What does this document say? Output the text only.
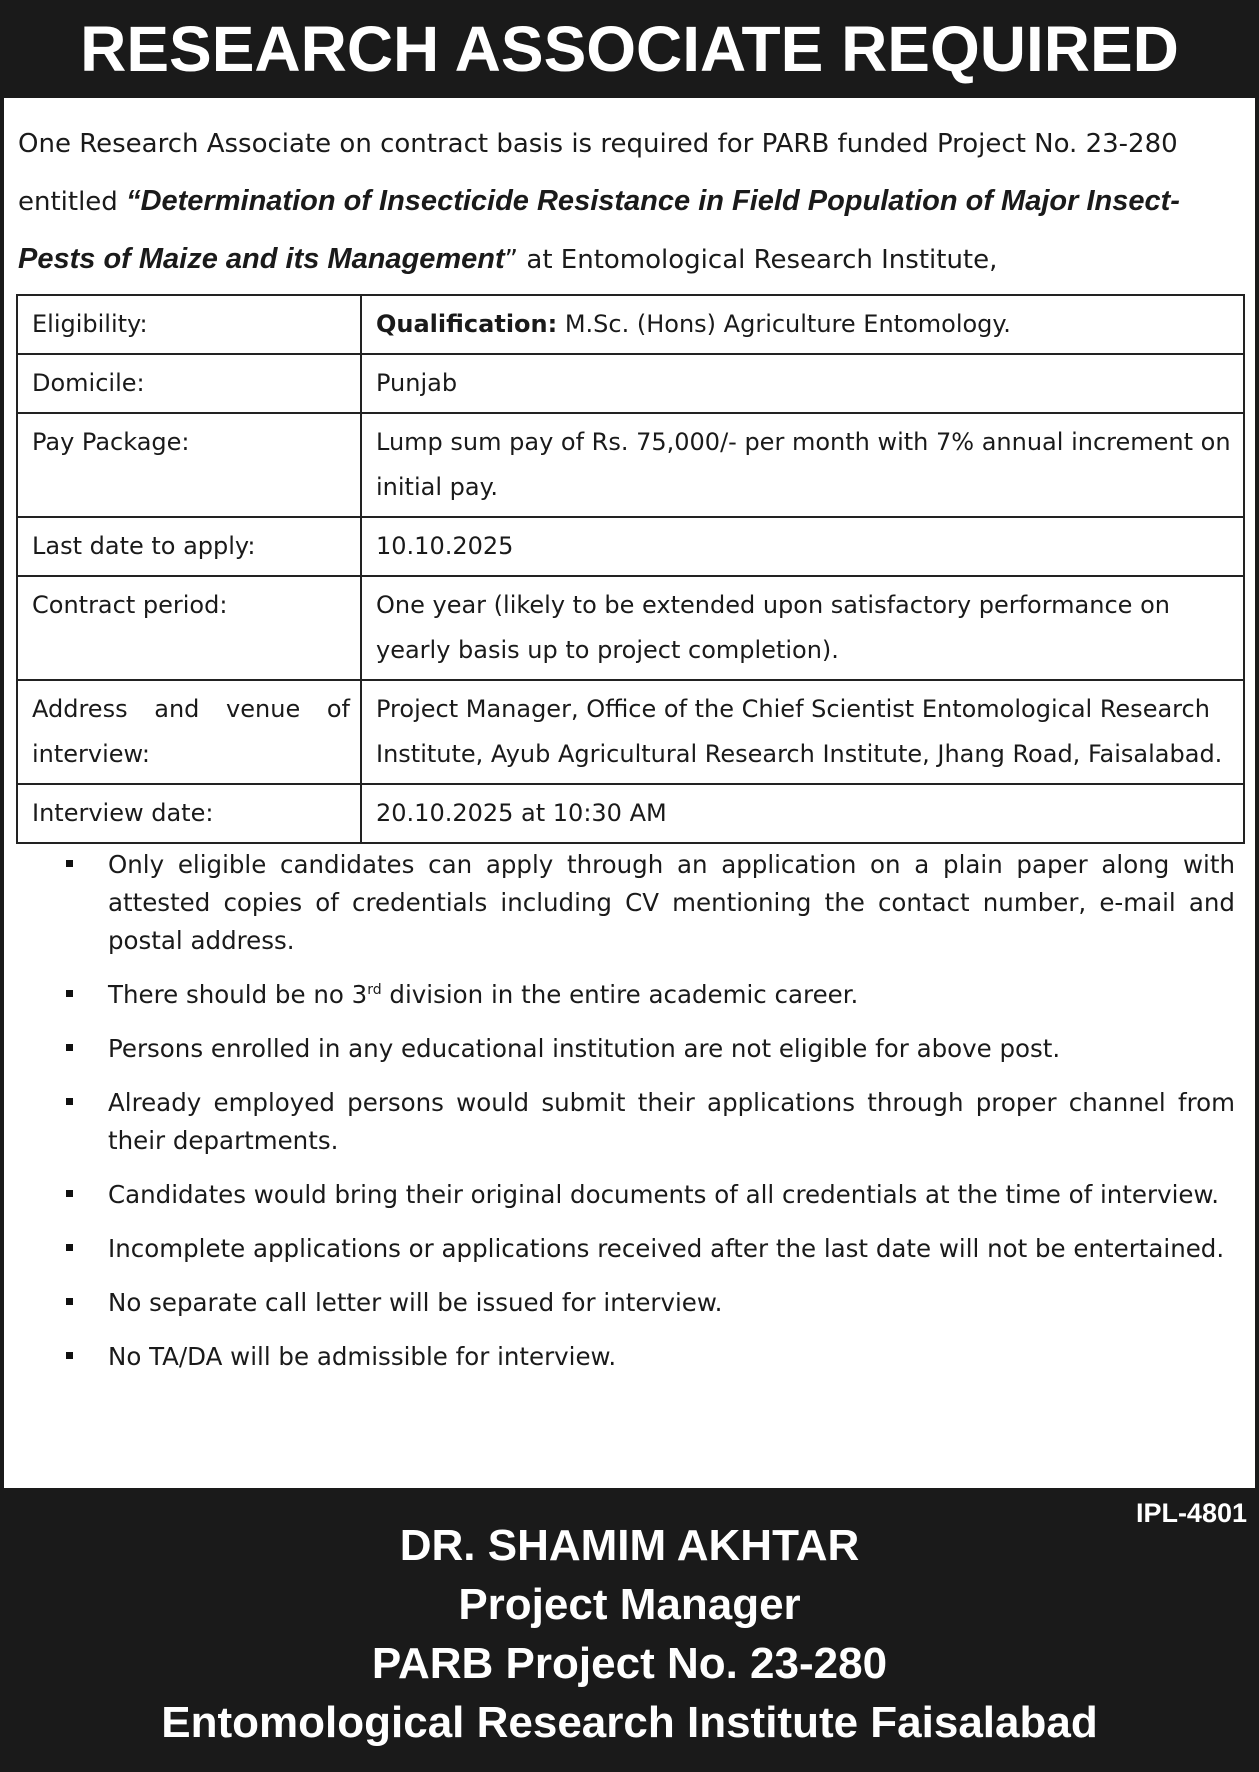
RESEARCH ASSOCIATE REQUIRED
One Research Associate on contract basis is required for PARB funded Project No. 23-280 entitled “Determination of Insecticide Resistance in Field Population of Major Insect-Pests of Maize and its Management” at Entomological Research Institute,
Eligibility:	Qualification: M.Sc. (Hons) Agriculture Entomology.
Domicile:	Punjab
Pay Package:	Lump sum pay of Rs. 75,000/- per month with 7% annual increment on initial pay.
Last date to apply:	10.10.2025
Contract period:	One year (likely to be extended upon satisfactory performance on yearly basis up to project completion).
Address and venue of interview:	Project Manager, Office of the Chief Scientist Entomological Research Institute, Ayub Agricultural Research Institute, Jhang Road, Faisalabad.
Interview date:	20.10.2025 at 10:30 AM
Only eligible candidates can apply through an application on a plain paper along with attested copies of credentials including CV mentioning the contact number, e-mail and postal address.
There should be no 3rd division in the entire academic career.
Persons enrolled in any educational institution are not eligible for above post.
Already employed persons would submit their applications through proper channel from their departments.
Candidates would bring their original documents of all credentials at the time of interview.
Incomplete applications or applications received after the last date will not be entertained.
No separate call letter will be issued for interview.
No TA/DA will be admissible for interview.
IPL-4801
DR. SHAMIM AKHTAR
Project Manager
PARB Project No. 23-280
Entomological Research Institute Faisalabad
